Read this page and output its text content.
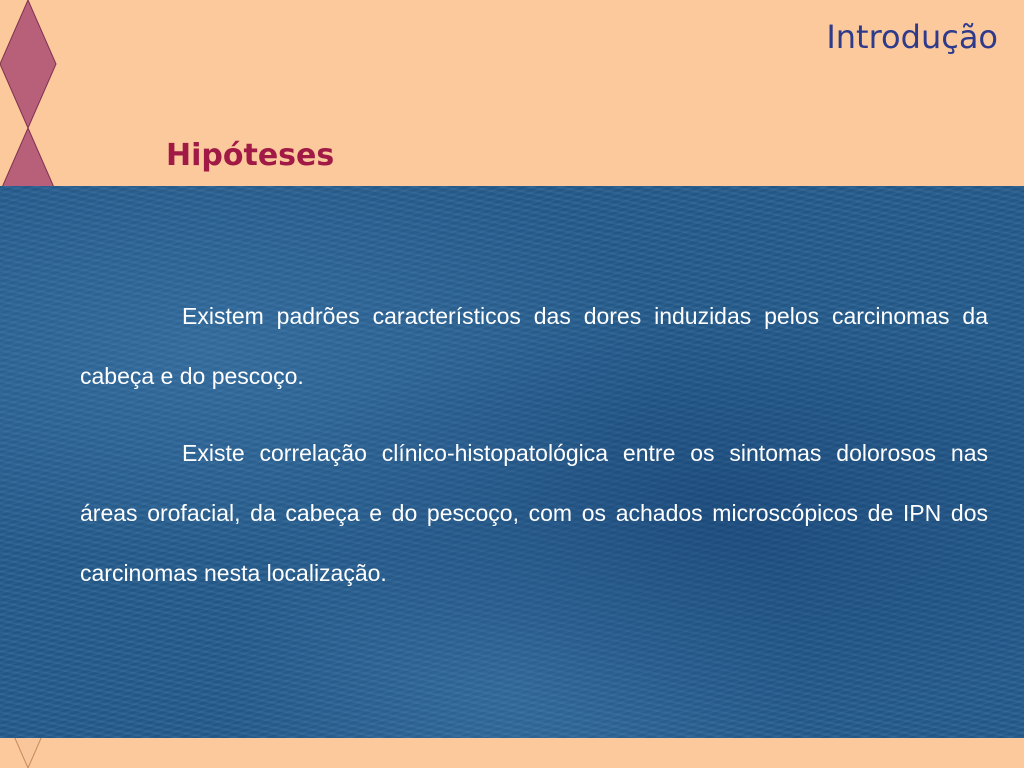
Introdução
Hipóteses

Existem padrões característicos das dores induzidas pelos carcinomas da cabeça e do pescoço.

Existe correlação clínico-histopatológica entre os sintomas dolorosos nas áreas orofacial, da cabeça e do pescoço, com os achados microscópicos de IPN dos carcinomas nesta localização.
